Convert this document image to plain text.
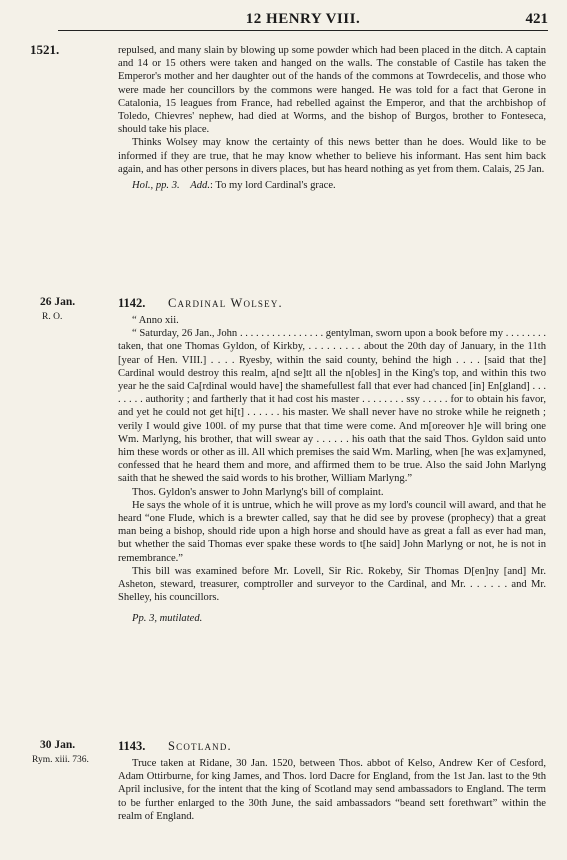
12 HENRY VIII.	421
1521.	repulsed, and many slain by blowing up some powder which had been placed in the ditch. A captain and 14 or 15 others were taken and hanged on the walls. The constable of Castile has taken the Emperor's mother and her daughter out of the hands of the commons at Towrdecelis, and those who were made her councillors by the commons were hanged. He was told for a fact that Gerone in Catalonia, 15 leagues from France, had rebelled against the Emperor, and that the archbishop of Toledo, Chievres' nephew, had died at Worms, and the bishop of Burgos, brother to Fonteseca, should take his place.

Thinks Wolsey may know the certainty of this news better than he does. Would like to be informed if they are true, that he may know whether to believe his informant. Has sent him back again, and has other persons in divers places, but has heard nothing as yet from them. Calais, 25 Jan.

Hol., pp. 3. Add.: To my lord Cardinal's grace.

26 Jan.
R. O.
1142. Cardinal Wolsey.

“ Anno xii.

“ Saturday, 26 Jan., John . . . . . . . . . . . . . . . . gentylman, sworn upon a book before my . . . . . . . . taken, that one Thomas Gyldon, of Kirkby, . . . . . . . . . about the 20th day of January, in the 11th [year of Hen. VIII.] . . . . Ryesby, within the said county, behind the high . . . . [said that the] Cardinal would destroy this realm, a[nd se]tt all the n[obles] in the King's top, and within this two year he the said Ca[rdinal would have] the shamefullest fall that ever had chanced [in] En[gland] . . . . . . . . authority ; and fartherly that it had cost his master . . . . . . . . ssy . . . . . for to obtain his favor, and yet he could not get hi[t] . . . . . . his master. We shall never have no stroke while he reigneth ; verily I would give 100l. of my purse that that time were come. And m[oreover h]e will bring one Wm. Marlyng, his brother, that will swear ay . . . . . . his oath that the said Thos. Gyldon said unto him these words or other as ill. All which premises the said Wm. Marling, when [he was ex]amyned, confessed that he heard them and more, and affirmed them to be true. Also the said John Marlyng saith that he shewed the said words to his brother, William Marlyng.”

Thos. Gyldon's answer to John Marlyng's bill of complaint.

He says the whole of it is untrue, which he will prove as my lord's council will award, and that he heard “one Flude, which is a brewter called, say that he did see by provese (prophecy) that a great man being a bishop, should ride upon a high horse and should have as great a fall as ever had man, but whether the said Thomas ever spake these words to t[he said] John Marlyng or not, he is not in remembrance.”

This bill was examined before Mr. Lovell, Sir Ric. Rokeby, Sir Thomas D[en]ny [and] Mr. Asheton, steward, treasurer, comptroller and surveyor to the Cardinal, and Mr. . . . . . . and Mr. Shelley, his councillors.

Pp. 3, mutilated.

30 Jan.
Rym. xiii. 736.
1143. Scotland.

Truce taken at Ridane, 30 Jan. 1520, between Thos. abbot of Kelso, Andrew Ker of Cesford, Adam Ottirburne, for king James, and Thos. lord Dacre for England, from the 1st Jan. last to the 9th April inclusive, for the intent that the king of Scotland may send ambassadors to England. The term to be further enlarged to the 30th June, the said ambassadors “beand sett forethwart” within the realm of England.
